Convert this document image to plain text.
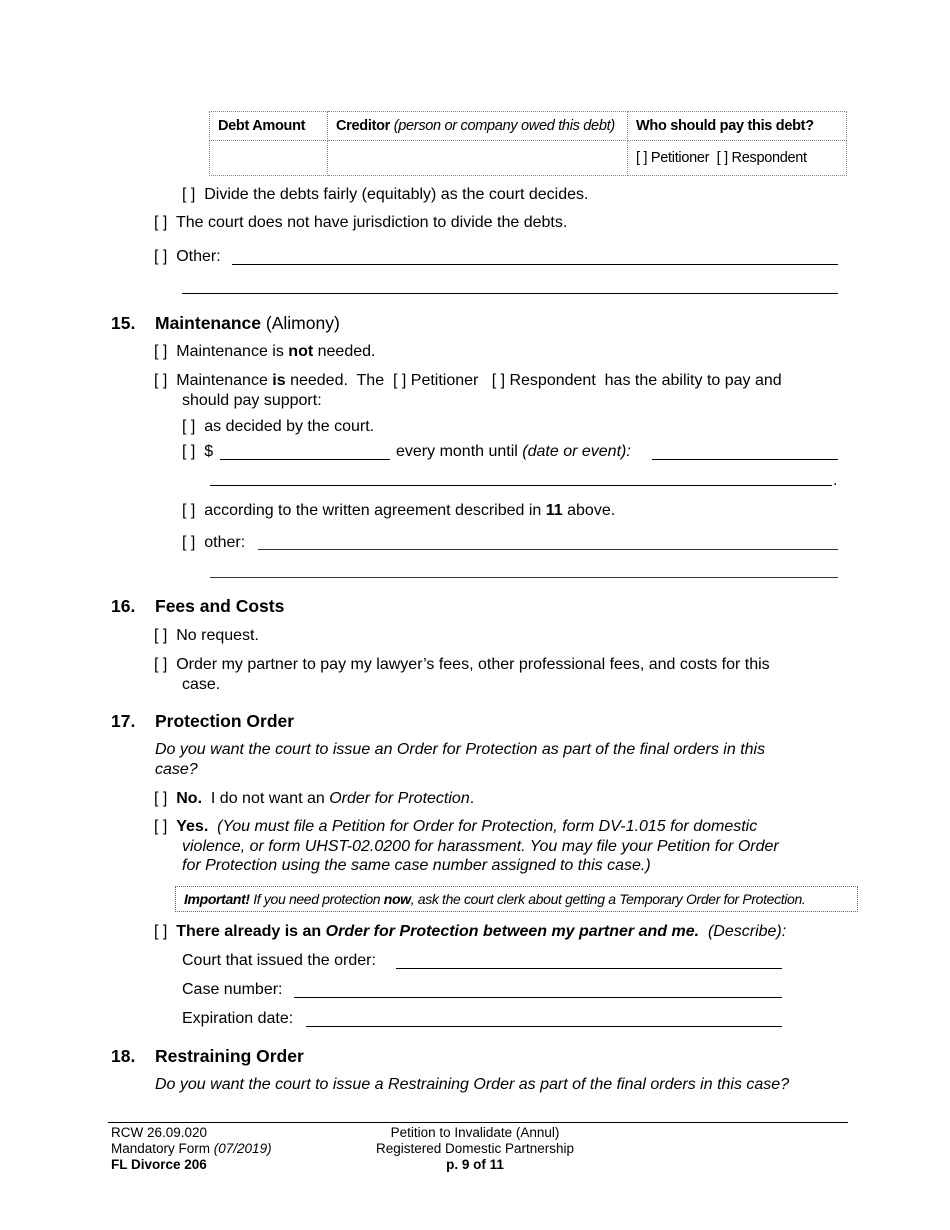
Debt Amount	Creditor (person or company owed this debt)	Who should pay this debt?
		[ ] Petitioner [ ] Respondent
[ ] Divide the debts fairly (equitably) as the court decides.
[ ] The court does not have jurisdiction to divide the debts.
[ ] Other:
15. Maintenance (Alimony)
[ ] Maintenance is not needed.
[ ] Maintenance is needed.  The  [ ] Petitioner   [ ] Respondent  has the ability to pay and
should pay support:
[ ] as decided by the court.
[ ] $	every month until (date or event):
.
[ ] according to the written agreement described in 11 above.
[ ] other:
16. Fees and Costs
[ ] No request.
[ ] Order my partner to pay my lawyer’s fees, other professional fees, and costs for this
case.
17. Protection Order
Do you want the court to issue an Order for Protection as part of the final orders in this
case?
[ ] No.  I do not want an Order for Protection.
[ ] Yes. (You must file a Petition for Order for Protection, form DV-1.015 for domestic
violence, or form UHST-02.0200 for harassment. You may file your Petition for Order
for Protection using the same case number assigned to this case.)
Important! If you need protection now, ask the court clerk about getting a Temporary Order for Protection.
[ ] There already is an Order for Protection between my partner and me.  (Describe):
Court that issued the order:
Case number:
Expiration date:
18. Restraining Order
Do you want the court to issue a Restraining Order as part of the final orders in this case?
RCW 26.09.020
Mandatory Form (07/2019)
FL Divorce 206
Petition to Invalidate (Annul)
Registered Domestic Partnership
p. 9 of 11
